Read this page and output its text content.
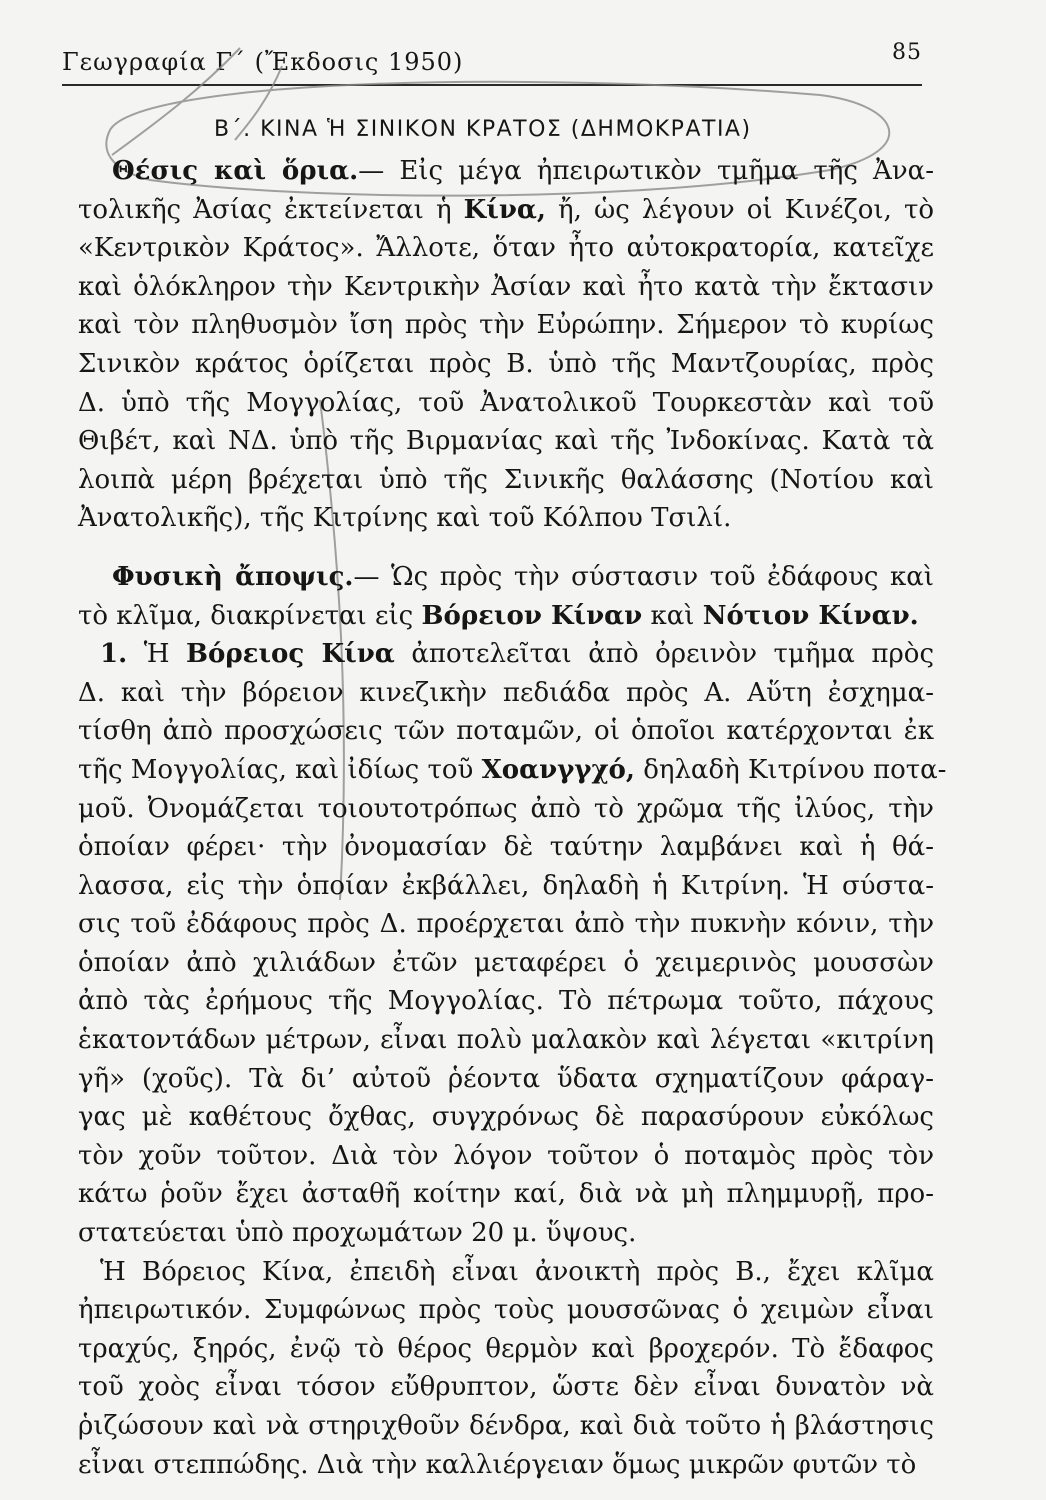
Γεωγραφία Γ΄ (Ἔκδοσις 1950)	85
Β΄. ΚΙΝΑ Ἡ ΣΙΝΙΚΟΝ ΚΡΑΤΟΣ (ΔΗΜΟΚΡΑΤΙΑ)
Θέσις καὶ ὅρια.— Εἰς μέγα ἠπειρωτικὸν τμῆμα τῆς Ἀνα-
τολικῆς Ἀσίας ἐκτείνεται ἡ Κίνα, ἤ, ὡς λέγουν οἱ Κινέζοι, τὸ
«Κεντρικὸν Κράτος». Ἄλλοτε, ὅταν ἦτο αὐτοκρατορία, κατεῖχε
καὶ ὁλόκληρον τὴν Κεντρικὴν Ἀσίαν καὶ ἦτο κατὰ τὴν ἔκτασιν
καὶ τὸν πληθυσμὸν ἴση πρὸς τὴν Εὐρώπην. Σήμερον τὸ κυρίως
Σινικὸν κράτος ὁρίζεται πρὸς Β. ὑπὸ τῆς Μαντζουρίας, πρὸς
Δ. ὑπὸ τῆς Μογγολίας, τοῦ Ἀνατολικοῦ Τουρκεστὰν καὶ τοῦ
Θιβέτ, καὶ ΝΔ. ὑπὸ τῆς Βιρμανίας καὶ τῆς Ἰνδοκίνας. Κατὰ τὰ
λοιπὰ μέρη βρέχεται ὑπὸ τῆς Σινικῆς θαλάσσης (Νοτίου καὶ
Ἀνατολικῆς), τῆς Κιτρίνης καὶ τοῦ Κόλπου Τσιλί.
Φυσικὴ ἄποψις.— Ὡς πρὸς τὴν σύστασιν τοῦ ἐδάφους καὶ
τὸ κλῖμα, διακρίνεται εἰς Βόρειον Κίναν καὶ Νότιον Κίναν.
1. Ἡ Βόρειος Κίνα ἀποτελεῖται ἀπὸ ὀρεινὸν τμῆμα πρὸς
Δ. καὶ τὴν βόρειον κινεζικὴν πεδιάδα πρὸς Α. Αὕτη ἐσχημα-
τίσθη ἀπὸ προσχώσεις τῶν ποταμῶν, οἱ ὁποῖοι κατέρχονται ἐκ
τῆς Μογγολίας, καὶ ἰδίως τοῦ Χοανγγχό, δηλαδὴ Κιτρίνου ποτα-
μοῦ. Ὀνομάζεται τοιουτοτρόπως ἀπὸ τὸ χρῶμα τῆς ἰλύος, τὴν
ὁποίαν φέρει· τὴν ὀνομασίαν δὲ ταύτην λαμβάνει καὶ ἡ θά-
λασσα, εἰς τὴν ὁποίαν ἐκβάλλει, δηλαδὴ ἡ Κιτρίνη. Ἡ σύστα-
σις τοῦ ἐδάφους πρὸς Δ. προέρχεται ἀπὸ τὴν πυκνὴν κόνιν, τὴν
ὁποίαν ἀπὸ χιλιάδων ἐτῶν μεταφέρει ὁ χειμερινὸς μουσσὼν
ἀπὸ τὰς ἐρήμους τῆς Μογγολίας. Τὸ πέτρωμα τοῦτο, πάχους
ἑκατοντάδων μέτρων, εἶναι πολὺ μαλακὸν καὶ λέγεται «κιτρίνη
γῆ» (χοῦς). Τὰ δι’ αὐτοῦ ῥέοντα ὕδατα σχηματίζουν φάραγ-
γας μὲ καθέτους ὄχθας, συγχρόνως δὲ παρασύρουν εὐκόλως
τὸν χοῦν τοῦτον. Διὰ τὸν λόγον τοῦτον ὁ ποταμὸς πρὸς τὸν
κάτω ῥοῦν ἔχει ἀσταθῆ κοίτην καί, διὰ νὰ μὴ πλημμυρῇ, προ-
στατεύεται ὑπὸ προχωμάτων 20 μ. ὕψους.
Ἡ Βόρειος Κίνα, ἐπειδὴ εἶναι ἀνοικτὴ πρὸς Β., ἔχει κλῖμα
ἠπειρωτικόν. Συμφώνως πρὸς τοὺς μουσσῶνας ὁ χειμὼν εἶναι
τραχύς, ξηρός, ἐνῷ τὸ θέρος θερμὸν καὶ βροχερόν. Τὸ ἔδαφος
τοῦ χοὸς εἶναι τόσον εὔθρυπτον, ὥστε δὲν εἶναι δυνατὸν νὰ
ῥιζώσουν καὶ νὰ στηριχθοῦν δένδρα, καὶ διὰ τοῦτο ἡ βλάστησις
εἶναι στεππώδης. Διὰ τὴν καλλιέργειαν ὅμως μικρῶν φυτῶν τὸ
